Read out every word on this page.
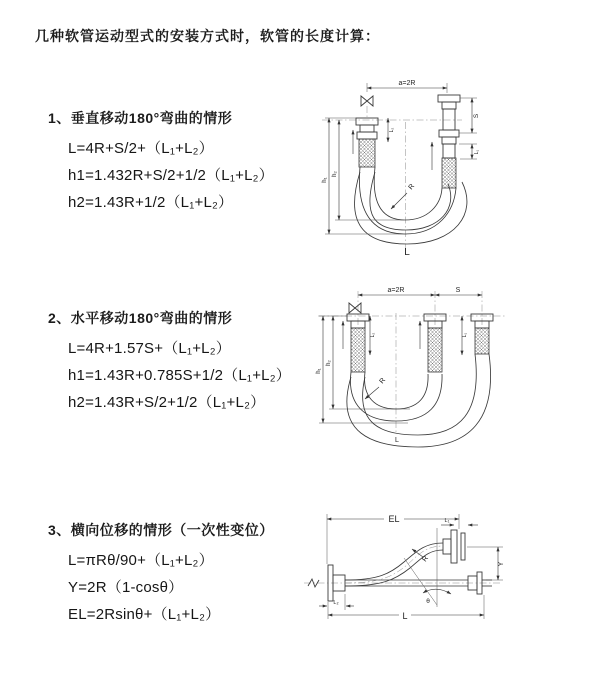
几种软管运动型式的安装方式时，软管的长度计算：
1、垂直移动180°弯曲的情形
L=4R+S/2+（L₁+L₂）
h1=1.432R+S/2+1/2（L₁+L₂）
h2=1.43R+1/2（L₁+L₂）
a=2R
h₁
h₂
L₂
S
L₁
R
L
2、水平移动180°弯曲的情形
L=4R+1.57S+（L₁+L₂）
h1=1.43R+0.785S+1/2（L₁+L₂）
h2=1.43R+S/2+1/2（L₁+L₂）
a=2R	S
L₂	L₁
h₁
h₂
R
L
3、横向位移的情形（一次性变位）
L=πRθ/90+（L₁+L₂）
Y=2R（1-cosθ）
EL=2Rsinθ+（L₁+L₂）
EL	L₁
Y
θ
R
L₂
L
